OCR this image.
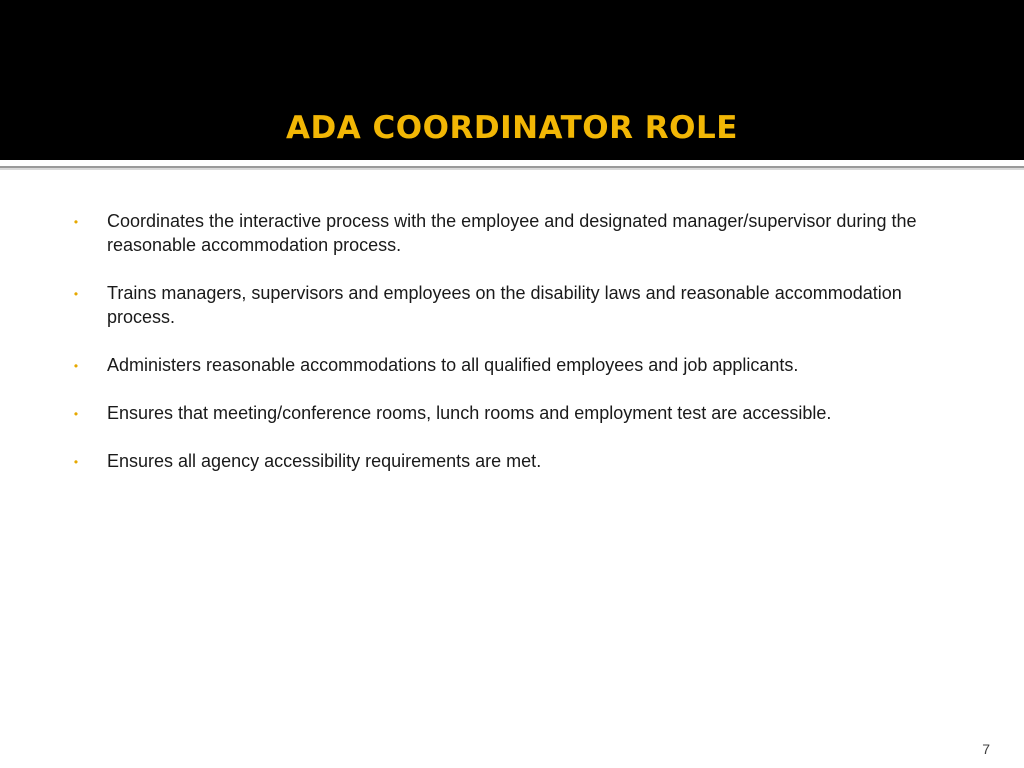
ADA COORDINATOR ROLE
• Coordinates the interactive process with the employee and designated manager/supervisor during the reasonable accommodation process.
• Trains managers, supervisors and employees on the disability laws and reasonable accommodation process.
• Administers reasonable accommodations to all qualified employees and job applicants.
• Ensures that meeting/conference rooms, lunch rooms and employment test are accessible.
• Ensures all agency accessibility requirements are met.
7
